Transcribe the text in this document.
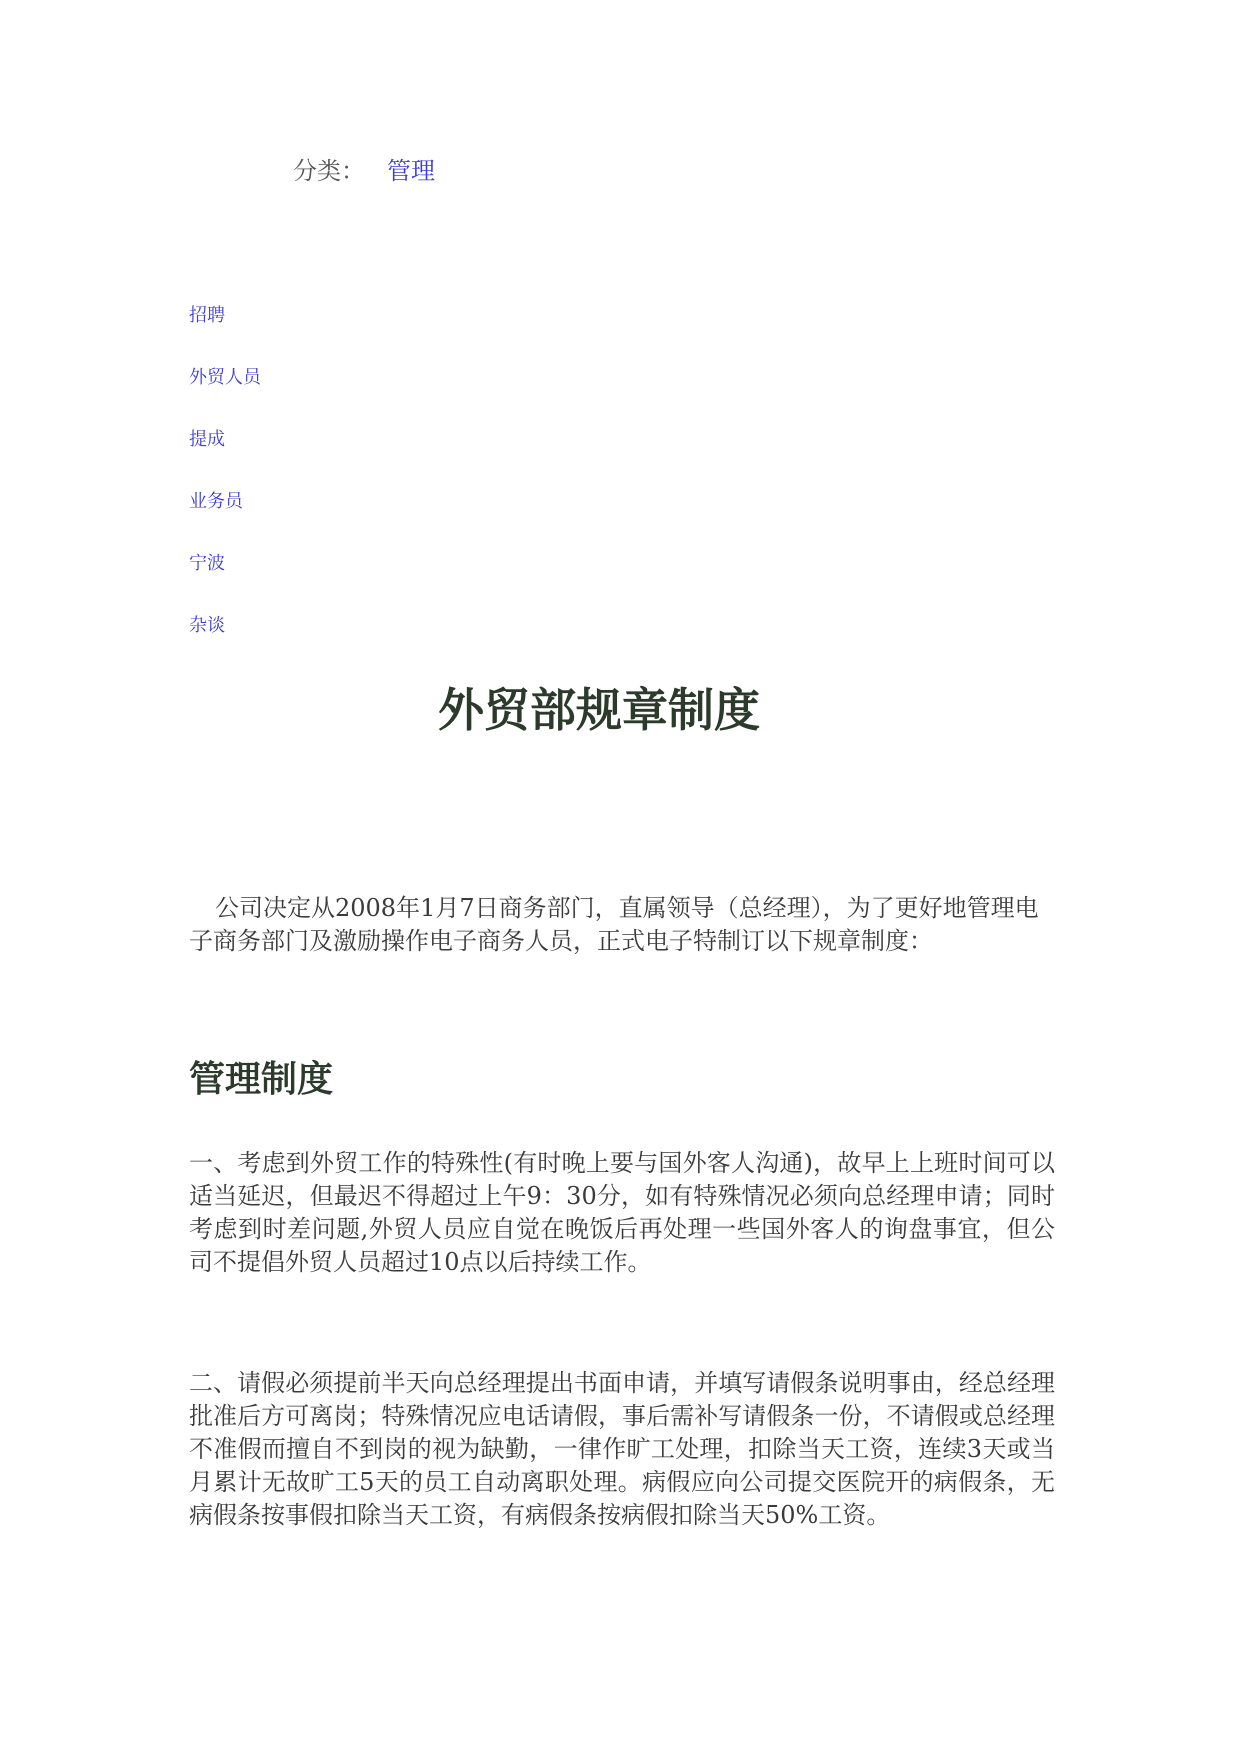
分类： 管理
招聘
外贸人员
提成
业务员
宁波
杂谈
外贸部规章制度

公司决定从2008年1月7日商务部门，直属领导（总经理），为了更好地管理电子商务部门及激励操作电子商务人员，正式电子特制订以下规章制度：

管理制度

一、考虑到外贸工作的特殊性(有时晚上要与国外客人沟通)，故早上上班时间可以适当延迟，但最迟不得超过上午9：30分，如有特殊情况必须向总经理申请；同时考虑到时差问题,外贸人员应自觉在晚饭后再处理一些国外客人的询盘事宜，但公司不提倡外贸人员超过10点以后持续工作。

二、请假必须提前半天向总经理提出书面申请，并填写请假条说明事由，经总经理批准后方可离岗；特殊情况应电话请假，事后需补写请假条一份，不请假或总经理不准假而擅自不到岗的视为缺勤，一律作旷工处理，扣除当天工资，连续3天或当月累计无故旷工5天的员工自动离职处理。病假应向公司提交医院开的病假条，无病假条按事假扣除当天工资，有病假条按病假扣除当天50%工资。
